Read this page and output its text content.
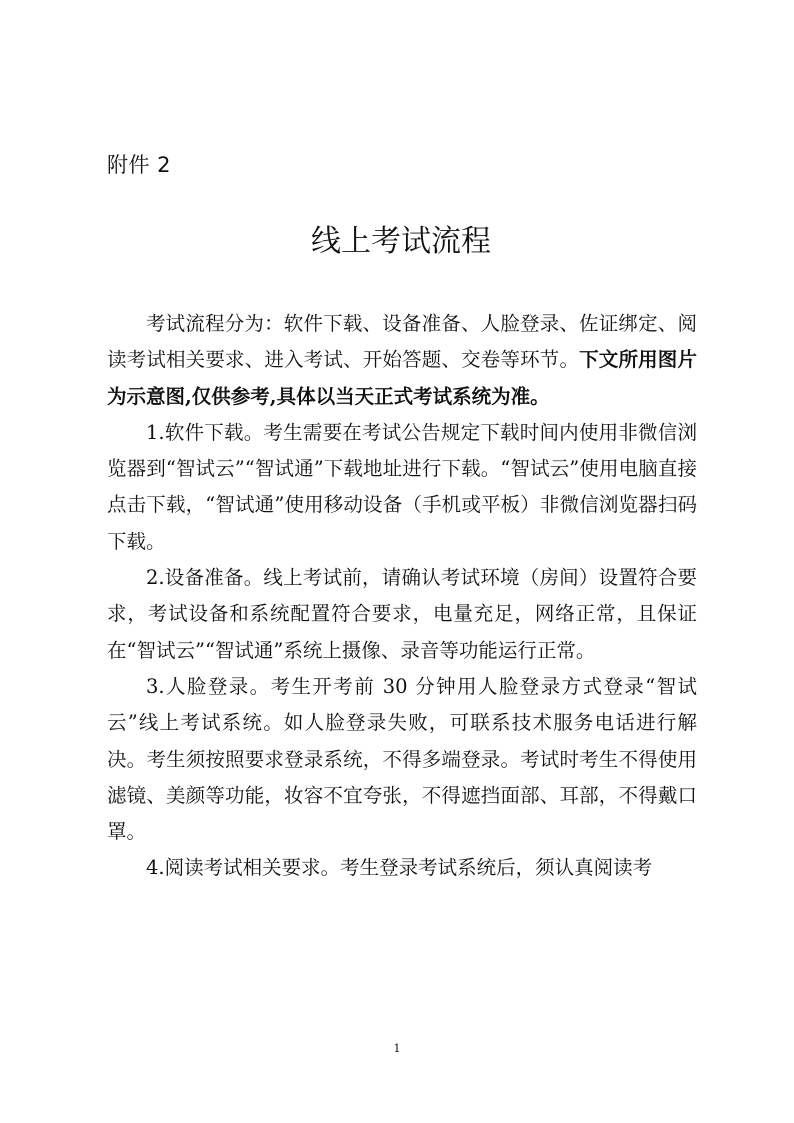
附件 2
线上考试流程

考试流程分为：软件下载、设备准备、人脸登录、佐证绑定、阅读考试相关要求、进入考试、开始答题、交卷等环节。下文所用图片为示意图,仅供参考,具体以当天正式考试系统为准。

1.软件下载。考生需要在考试公告规定下载时间内使用非微信浏览器到“智试云”“智试通”下载地址进行下载。“智试云”使用电脑直接点击下载，“智试通”使用移动设备（手机或平板）非微信浏览器扫码下载。

2.设备准备。线上考试前，请确认考试环境（房间）设置符合要求，考试设备和系统配置符合要求，电量充足，网络正常，且保证在“智试云”“智试通”系统上摄像、录音等功能运行正常。

3.人脸登录。考生开考前 30 分钟用人脸登录方式登录“智试云”线上考试系统。如人脸登录失败，可联系技术服务电话进行解决。考生须按照要求登录系统，不得多端登录。考试时考生不得使用滤镜、美颜等功能，妆容不宜夸张，不得遮挡面部、耳部，不得戴口罩。

4.阅读考试相关要求。考生登录考试系统后，须认真阅读考

1
